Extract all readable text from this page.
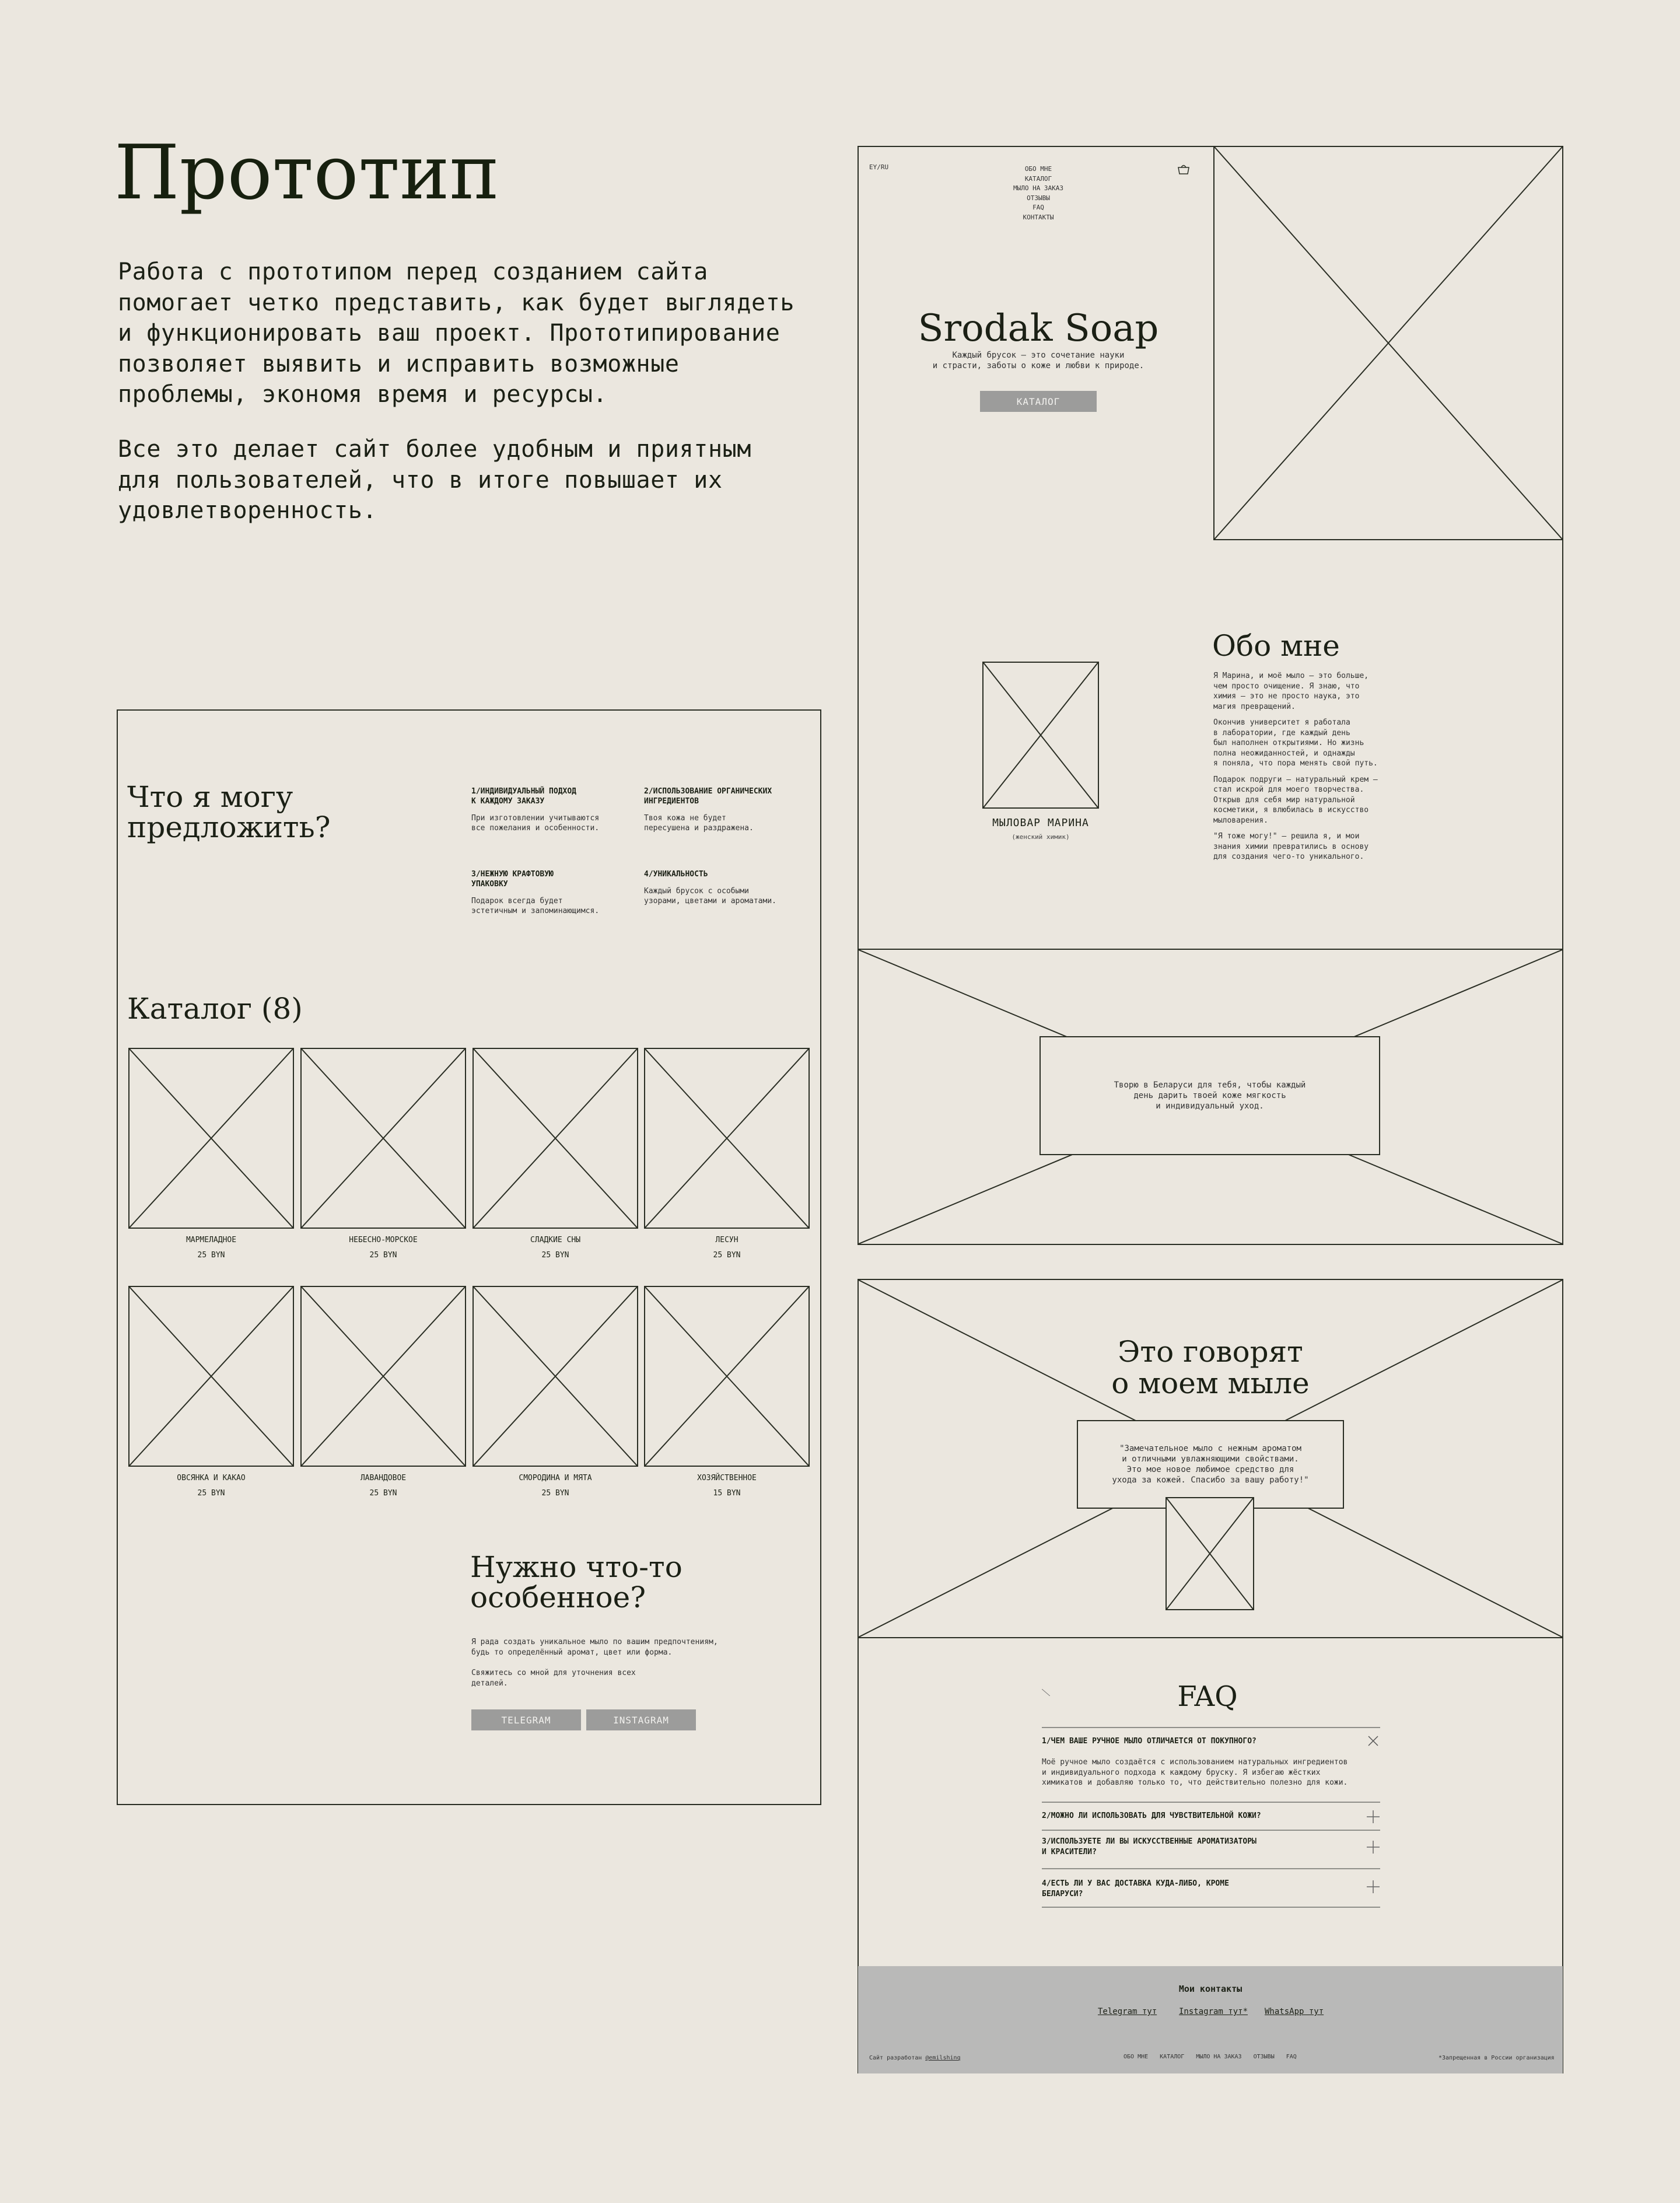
Прототип
Работа с прототипом перед созданием сайта
помогает четко представить, как будет выглядеть
и функционировать ваш проект. Прототипирование
позволяет выявить и исправить возможные
проблемы, экономя время и ресурсы.
Все это делает сайт более удобным и приятным
для пользователей, что в итоге повышает их
удовлетворенность.
EY/RU	ОБО МНЕ
КАТАЛОГ
МЫЛО НА ЗАКАЗ
ОТЗЫВЫ
FAQ
КОНТАКТЫ
Srodak Soap
Каждый брусок – это сочетание науки
и страсти, заботы о коже и любви к природе.
КАТАЛОГ
МЫЛОВАР МАРИНА
(женский химик)
Обо мне
Я Марина, и моё мыло – это больше,
чем просто очищение. Я знаю, что
химия – это не просто наука, это
магия превращений.
Окончив университет я работала
в лаборатории, где каждый день
был наполнен открытиями. Но жизнь
полна неожиданностей, и однажды
я поняла, что пора менять свой путь.
Подарок подруги – натуральный крем –
стал искрой для моего творчества.
Открыв для себя мир натуральной
косметики, я влюбилась в искусство
мыловарения.
"Я тоже могу!" – решила я, и мои
знания химии превратились в основу
для создания чего-то уникального.
Творю в Беларуси для тебя, чтобы каждый
день дарить твоей коже мягкость
и индивидуальный уход.
Что я могу
предложить?
1/ИНДИВИДУАЛЬНЫЙ ПОДХОД
К КАЖДОМУ ЗАКАЗУ
При изготовлении учитываются
все пожелания и особенности.
2/ИСПОЛЬЗОВАНИЕ ОРГАНИЧЕСКИХ
ИНГРЕДИЕНТОВ
Твоя кожа не будет
пересушена и раздражена.
3/НЕЖНУЮ КРАФТОВУЮ
УПАКОВКУ
Подарок всегда будет
эстетичным и запоминающимся.
4/УНИКАЛЬНОСТЬ
Каждый брусок с особыми
узорами, цветами и ароматами.
Каталог (8)
МАРМЕЛАДНОЕ
25 BYN
НЕБЕСНО-МОРСКОЕ
25 BYN
СЛАДКИЕ СНЫ
25 BYN
ЛЕСУН
25 BYN
ОВСЯНКА И КАКАО
25 BYN
ЛАВАНДОВОЕ
25 BYN
СМОРОДИНА И МЯТА
25 BYN
ХОЗЯЙСТВЕННОЕ
15 BYN
Нужно что-то
особенное?
Я рада создать уникальное мыло по вашим предпочтениям,
будь то определённый аромат, цвет или форма.
Свяжитесь со мной для уточнения всех
деталей.
TELEGRAM	INSTAGRAM
Это говорят
о моем мыле
"Замечательное мыло с нежным ароматом
и отличными увлажняющими свойствами.
Это мое новое любимое средство для
ухода за кожей. Спасибо за вашу работу!"
FAQ
1/ЧЕМ ВАШЕ РУЧНОЕ МЫЛО ОТЛИЧАЕТСЯ ОТ ПОКУПНОГО?
Моё ручное мыло создаётся с использованием натуральных ингредиентов
и индивидуального подхода к каждому бруску. Я избегаю жёстких
химикатов и добавляю только то, что действительно полезно для кожи.
2/МОЖНО ЛИ ИСПОЛЬЗОВАТЬ ДЛЯ ЧУВСТВИТЕЛЬНОЙ КОЖИ?
3/ИСПОЛЬЗУЕТЕ ЛИ ВЫ ИСКУССТВЕННЫЕ АРОМАТИЗАТОРЫ
И КРАСИТЕЛИ?
4/ЕСТЬ ЛИ У ВАС ДОСТАВКА КУДА-ЛИБО, КРОМЕ
БЕЛАРУСИ?
Мои контакты
Telegram тут	Instagram тут* WhatsApp тут
Сайт разработан @emilshinq	ОБО МНЕ КАТАЛОГ МЫЛО НА ЗАКАЗ ОТЗЫВЫ FAQ	*Запрещенная в России организация
